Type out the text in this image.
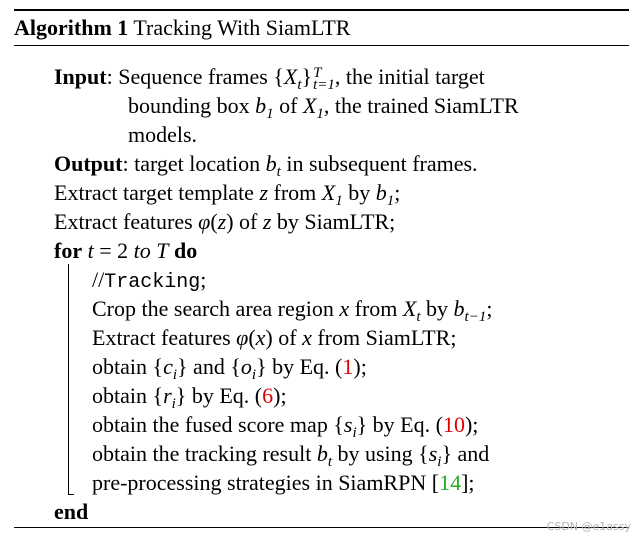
Algorithm 1 Tracking With SiamLTR
Input: Sequence frames $\{X_t\}$ T
t=1 , the initial target
bounding box $b_1$ of $X_1$, the trained SiamLTR
models.
Output: target location $b_t$ in subsequent frames.
Extract target template z from $X_1$ by $b_1$;
Extract features φ(z) of z by SiamLTR;
for t = 2 to T do
//Tracking;
Crop the search area region x from $X_t$ by $b_{t-1}$;
Extract features φ(x) of x from SiamLTR;
obtain $\{c_i\}$ and $\{o_i\}$ by Eq. (1);
obtain $\{r_i\}$ by Eq. (6);
obtain the fused score map $\{s_i\}$ by Eq. (10);
obtain the tracking result $b_t$ by using $\{s_i\}$ and
pre-processing strategies in SiamRPN [14];
end
CSDN @e1assy
